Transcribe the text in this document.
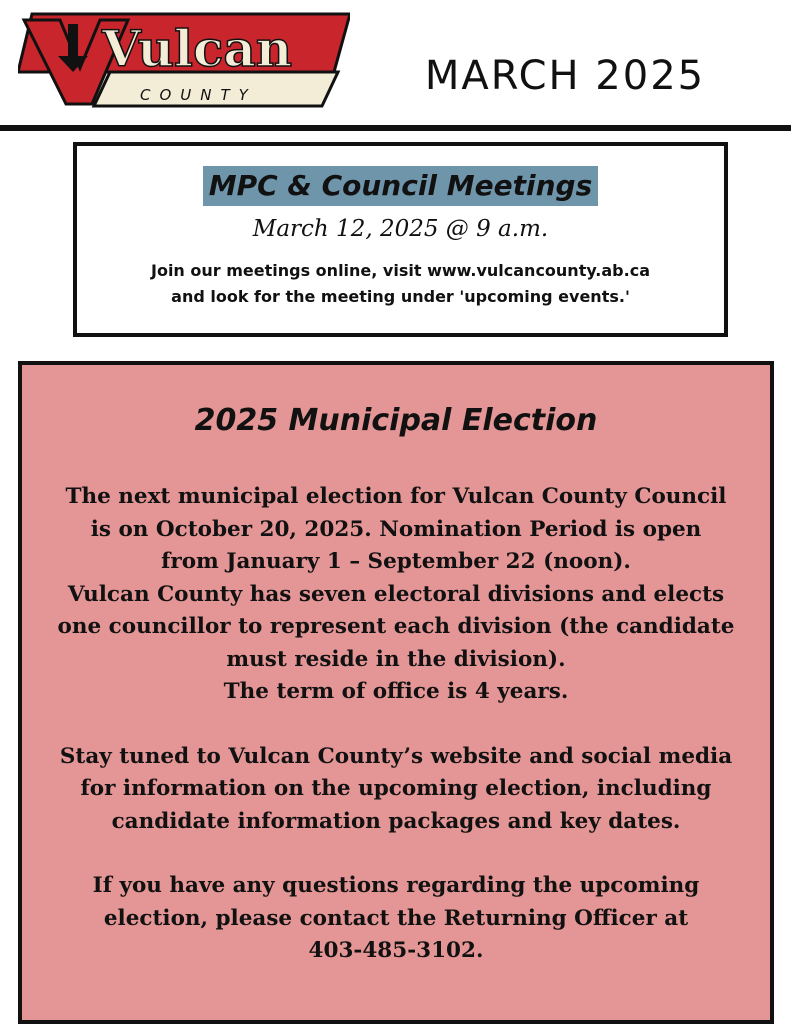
Vulcan
COUNTY	MARCH 2025
MPC & Council Meetings
March 12, 2025 @ 9 a.m.
Join our meetings online, visit www.vulcancounty.ab.ca
and look for the meeting under 'upcoming events.'
2025 Municipal Election

The next municipal election for Vulcan County Council
is on October 20, 2025. Nomination Period is open
from January 1 – September 22 (noon).
Vulcan County has seven electoral divisions and elects
one councillor to represent each division (the candidate
must reside in the division).
The term of office is 4 years.

Stay tuned to Vulcan County’s website and social media
for information on the upcoming election, including
candidate information packages and key dates.

If you have any questions regarding the upcoming
election, please contact the Returning Officer at
403-485-3102.
